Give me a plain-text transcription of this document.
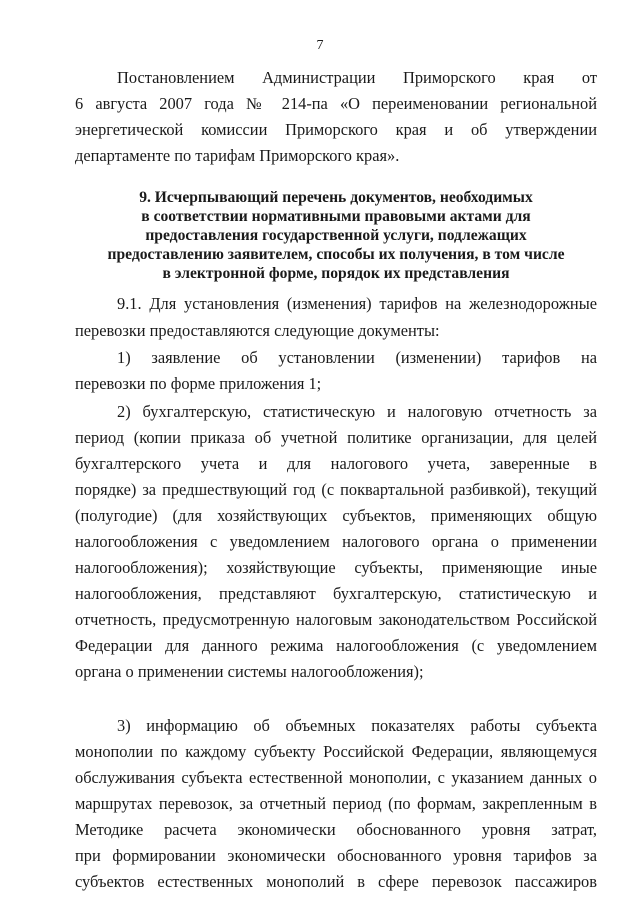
7
Постановлением Администрации Приморского края от
6 августа 2007 года № 214-па «О переименовании региональной
энергетической комиссии Приморского края и об утверждении
департаменте по тарифам Приморского края».
9. Исчерпывающий перечень документов, необходимых
в соответствии нормативными правовыми актами для
предоставления государственной услуги, подлежащих
предоставлению заявителем, способы их получения, в том числе
в электронной форме, порядок их представления
9.1. Для установления (изменения) тарифов на железнодорожные
перевозки предоставляются следующие документы:
1) заявление об установлении (изменении) тарифов на
перевозки по форме приложения 1;
2) бухгалтерскую, статистическую и налоговую отчетность за
период (копии приказа об учетной политике организации, для целей
бухгалтерского учета и для налогового учета, заверенные в
порядке) за предшествующий год (с поквартальной разбивкой), текущий
(полугодие) (для хозяйствующих субъектов, применяющих общую
налогообложения с уведомлением налогового органа о применении
налогообложения); хозяйствующие субъекты, применяющие иные
налогообложения, представляют бухгалтерскую, статистическую и
отчетность, предусмотренную налоговым законодательством Российской
Федерации для данного режима налогообложения (с уведомлением
органа о применении системы налогообложения);
3) информацию об объемных показателях работы субъекта
монополии по каждому субъекту Российской Федерации, являющемуся
обслуживания субъекта естественной монополии, с указанием данных о
маршрутах перевозок, за отчетный период (по формам, закрепленным в
Методике расчета экономически обоснованного уровня затрат,
при формировании экономически обоснованного уровня тарифов за
субъектов естественных монополий в сфере перевозок пассажиров
